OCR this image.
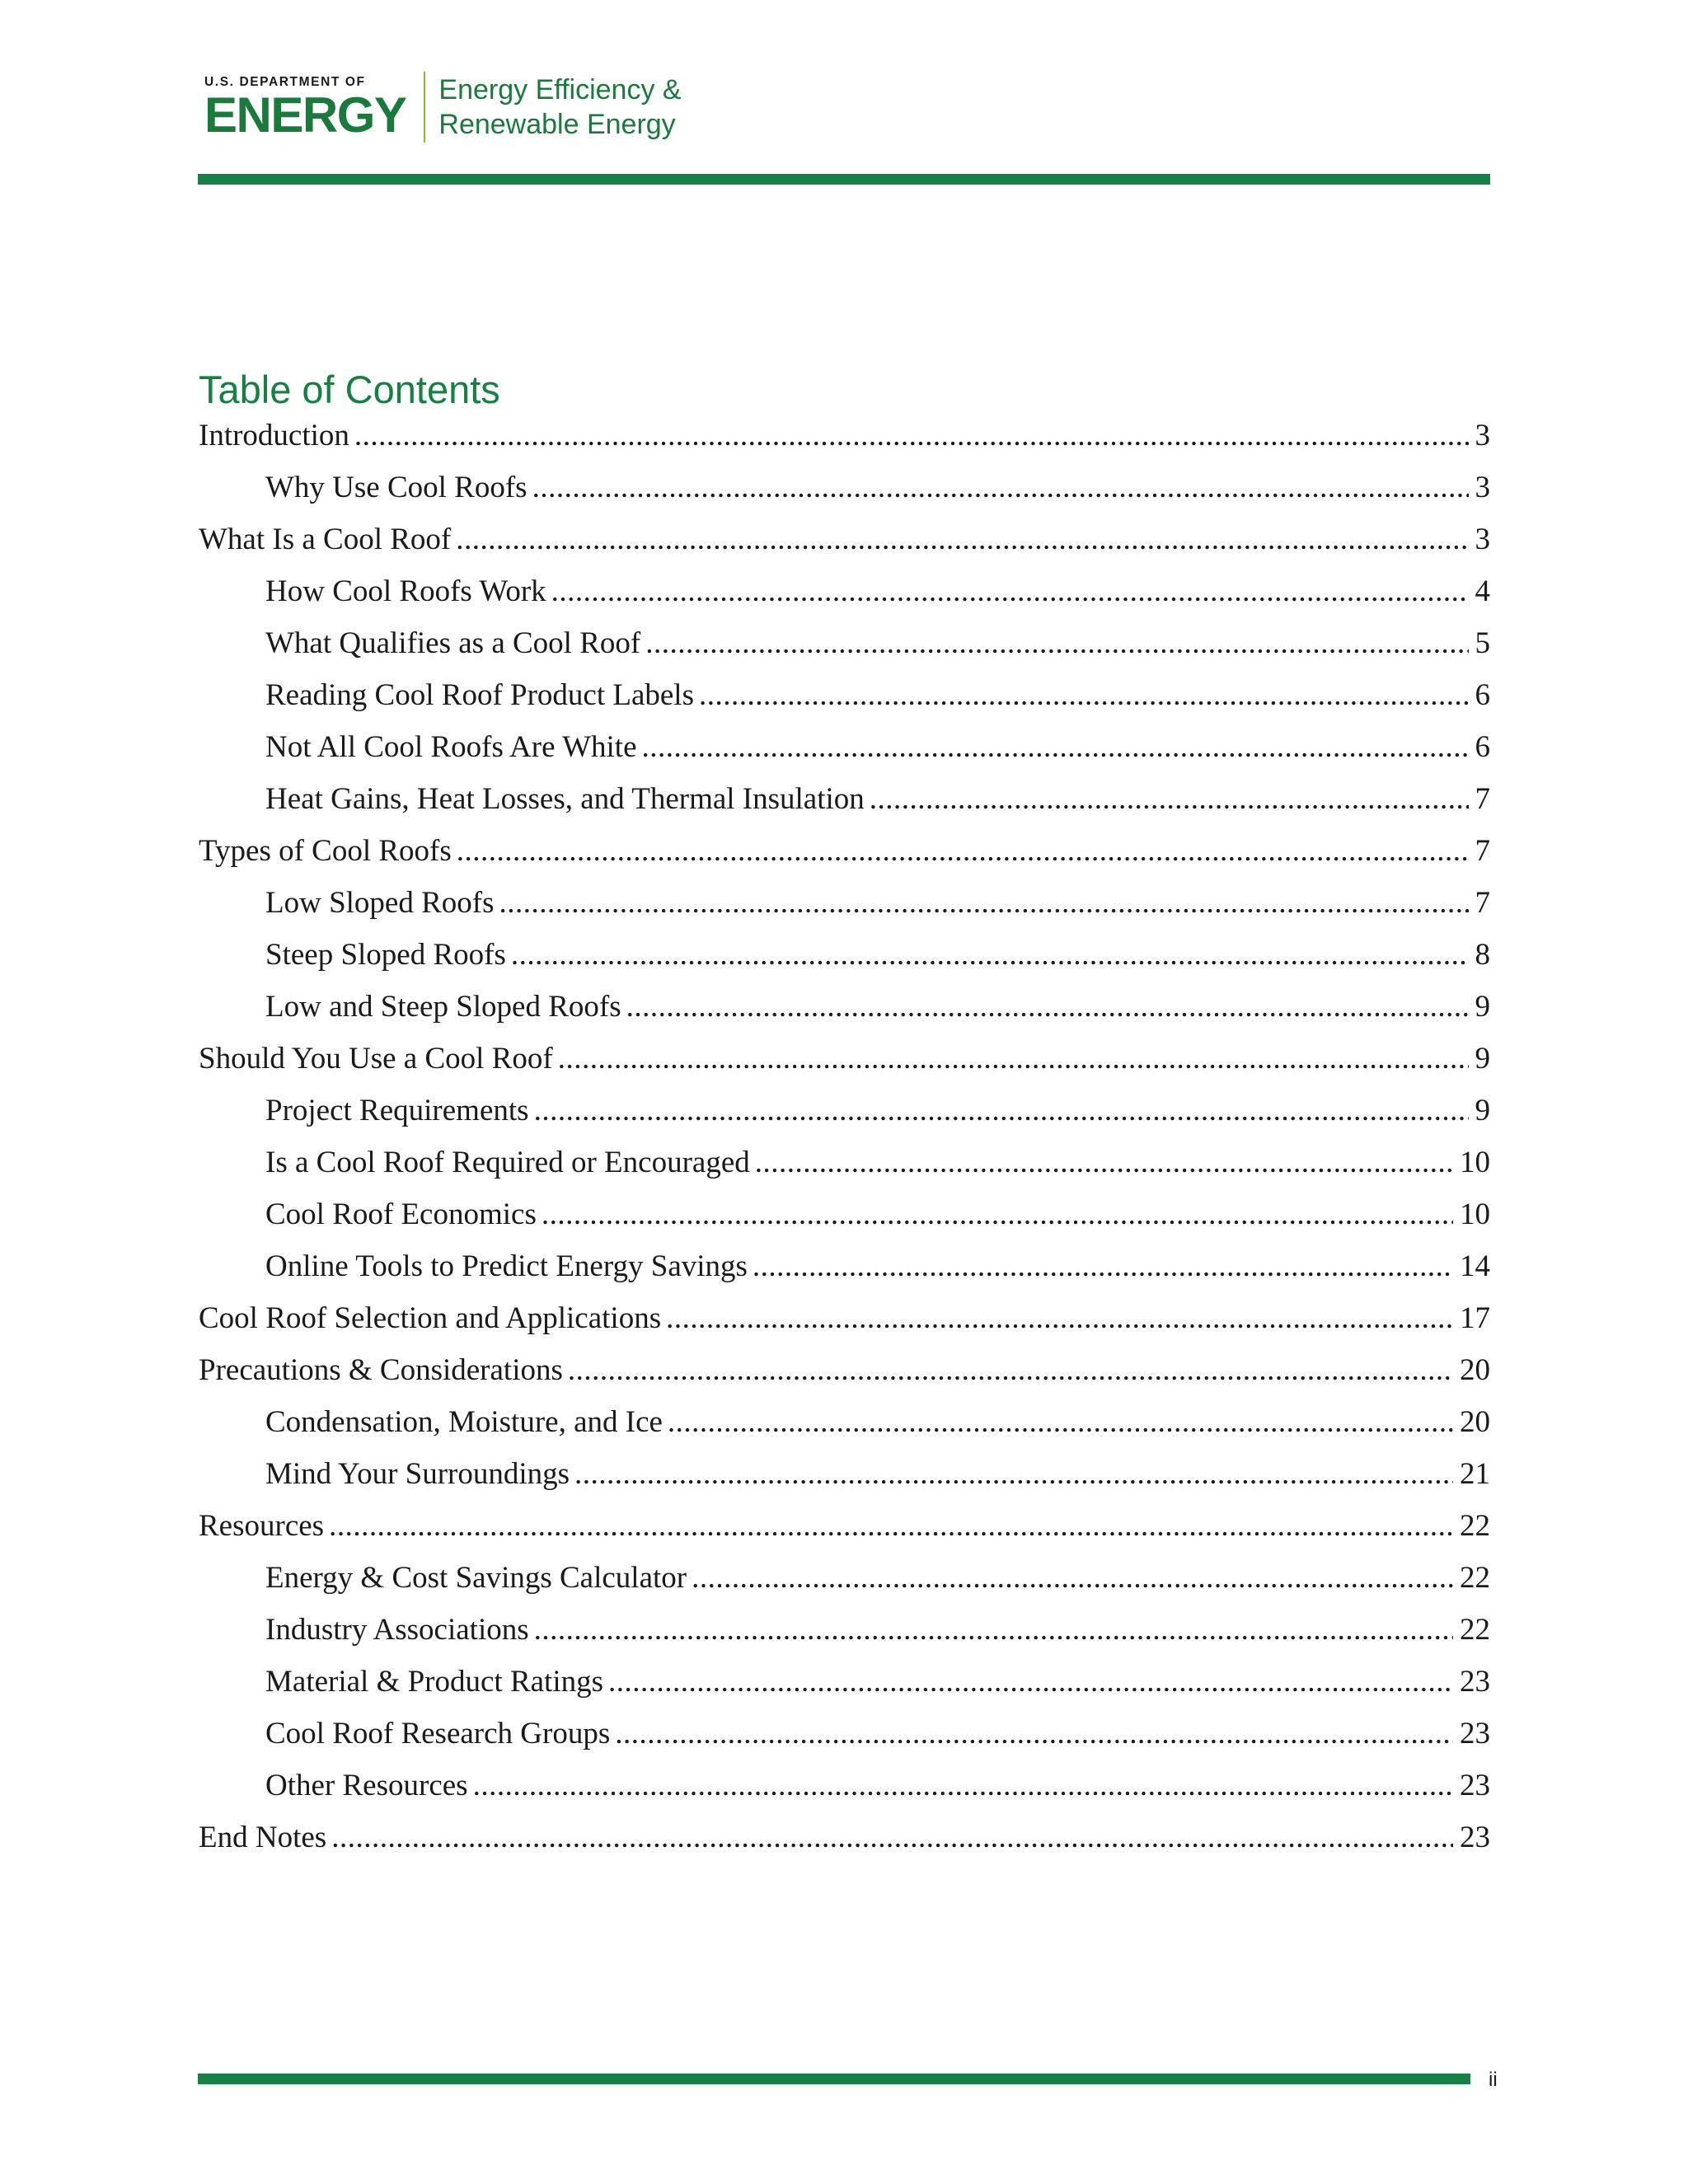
U.S. DEPARTMENT OF
ENERGY Energy Efficiency &
Renewable Energy
Table of Contents
Introduction .....	3
Why Use Cool Roofs .....	3
What Is a Cool Roof .....	3
How Cool Roofs Work .....	4
What Qualifies as a Cool Roof .....	5
Reading Cool Roof Product Labels .....	6
Not All Cool Roofs Are White .....	6
Heat Gains, Heat Losses, and Thermal Insulation .....	7
Types of Cool Roofs .....	7
Low Sloped Roofs .....	7
Steep Sloped Roofs .....	8
Low and Steep Sloped Roofs .....	9
Should You Use a Cool Roof .....	9
Project Requirements .....	9
Is a Cool Roof Required or Encouraged .....	10
Cool Roof Economics .....	10
Online Tools to Predict Energy Savings .....	14
Cool Roof Selection and Applications .....	17
Precautions & Considerations .....	20
Condensation, Moisture, and Ice .....	20
Mind Your Surroundings .....	21
Resources .....	22
Energy & Cost Savings Calculator .....	22
Industry Associations .....	22
Material & Product Ratings .....	23
Cool Roof Research Groups .....	23
Other Resources .....	23
End Notes .....	23
ii
